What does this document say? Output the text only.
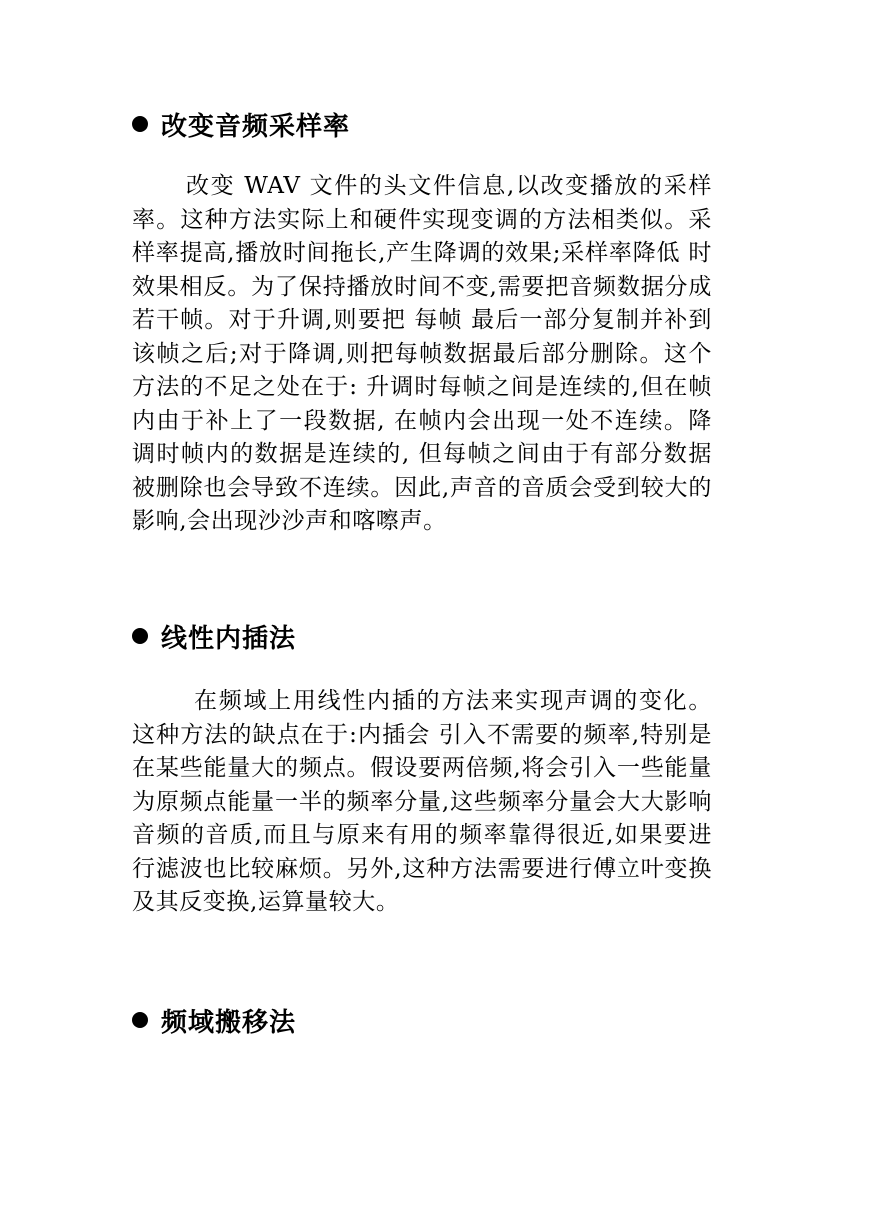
改变音频采样率

改变 WAV 文件的头文件信息,以改变播放的采样率。这种方法实际上和硬件实现变调的方法相类似。采样率提高,播放时间拖长,产生降调的效果;采样率降低 时效果相反。为了保持播放时间不变,需要把音频数据分成若干帧。对于升调,则要把 每帧 最后一部分复制并补到该帧之后;对于降调,则把每帧数据最后部分删除。这个方法的不足之处在于: 升调时每帧之间是连续的,但在帧内由于补上了一段数据, 在帧内会出现一处不连续。降调时帧内的数据是连续的, 但每帧之间由于有部分数据被删除也会导致不连续。因此,声音的音质会受到较大的影响,会出现沙沙声和喀嚓声。

线性内插法

在频域上用线性内插的方法来实现声调的变化。这种方法的缺点在于:内插会 引入不需要的频率,特别是在某些能量大的频点。假设要两倍频,将会引入一些能量为原频点能量一半的频率分量,这些频率分量会大大影响音频的音质,而且与原来有用的频率靠得很近,如果要进行滤波也比较麻烦。另外,这种方法需要进行傅立叶变换及其反变换,运算量较大。

频域搬移法
